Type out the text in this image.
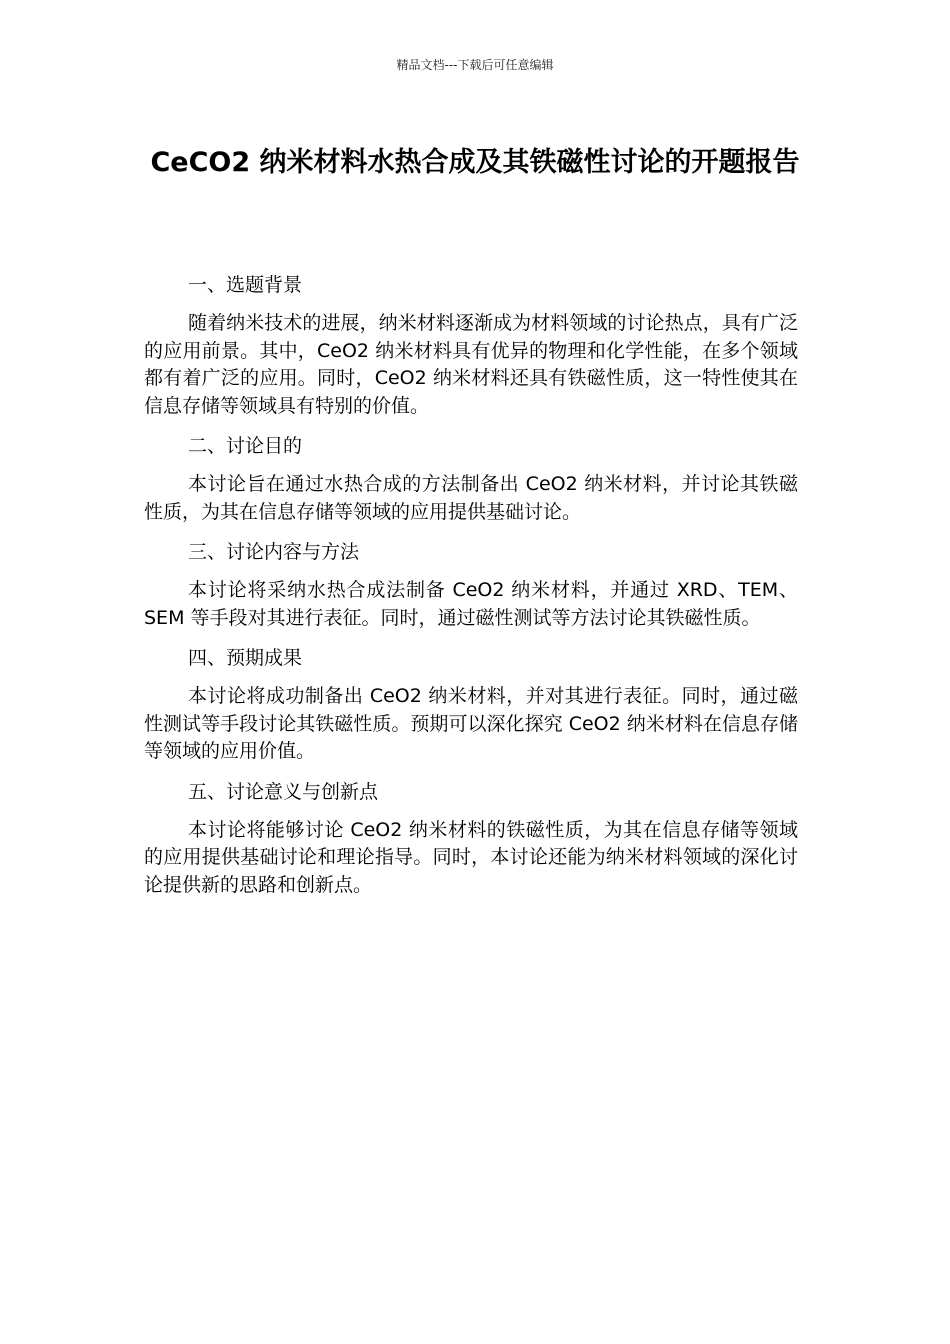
精品文档---下载后可任意编辑
CeCO2 纳米材料水热合成及其铁磁性讨论的开题报告

一、选题背景

随着纳米技术的进展，纳米材料逐渐成为材料领域的讨论热点，具有广泛的应用前景。其中，CeO2 纳米材料具有优异的物理和化学性能，在多个领域都有着广泛的应用。同时，CeO2 纳米材料还具有铁磁性质，这一特性使其在信息存储等领域具有特别的价值。

二、讨论目的

本讨论旨在通过水热合成的方法制备出 CeO2 纳米材料，并讨论其铁磁性质，为其在信息存储等领域的应用提供基础讨论。

三、讨论内容与方法

本讨论将采纳水热合成法制备 CeO2 纳米材料，并通过 XRD、TEM、SEM 等手段对其进行表征。同时，通过磁性测试等方法讨论其铁磁性质。

四、预期成果

本讨论将成功制备出 CeO2 纳米材料，并对其进行表征。同时，通过磁性测试等手段讨论其铁磁性质。预期可以深化探究 CeO2 纳米材料在信息存储等领域的应用价值。

五、讨论意义与创新点

本讨论将能够讨论 CeO2 纳米材料的铁磁性质，为其在信息存储等领域的应用提供基础讨论和理论指导。同时，本讨论还能为纳米材料领域的深化讨论提供新的思路和创新点。
